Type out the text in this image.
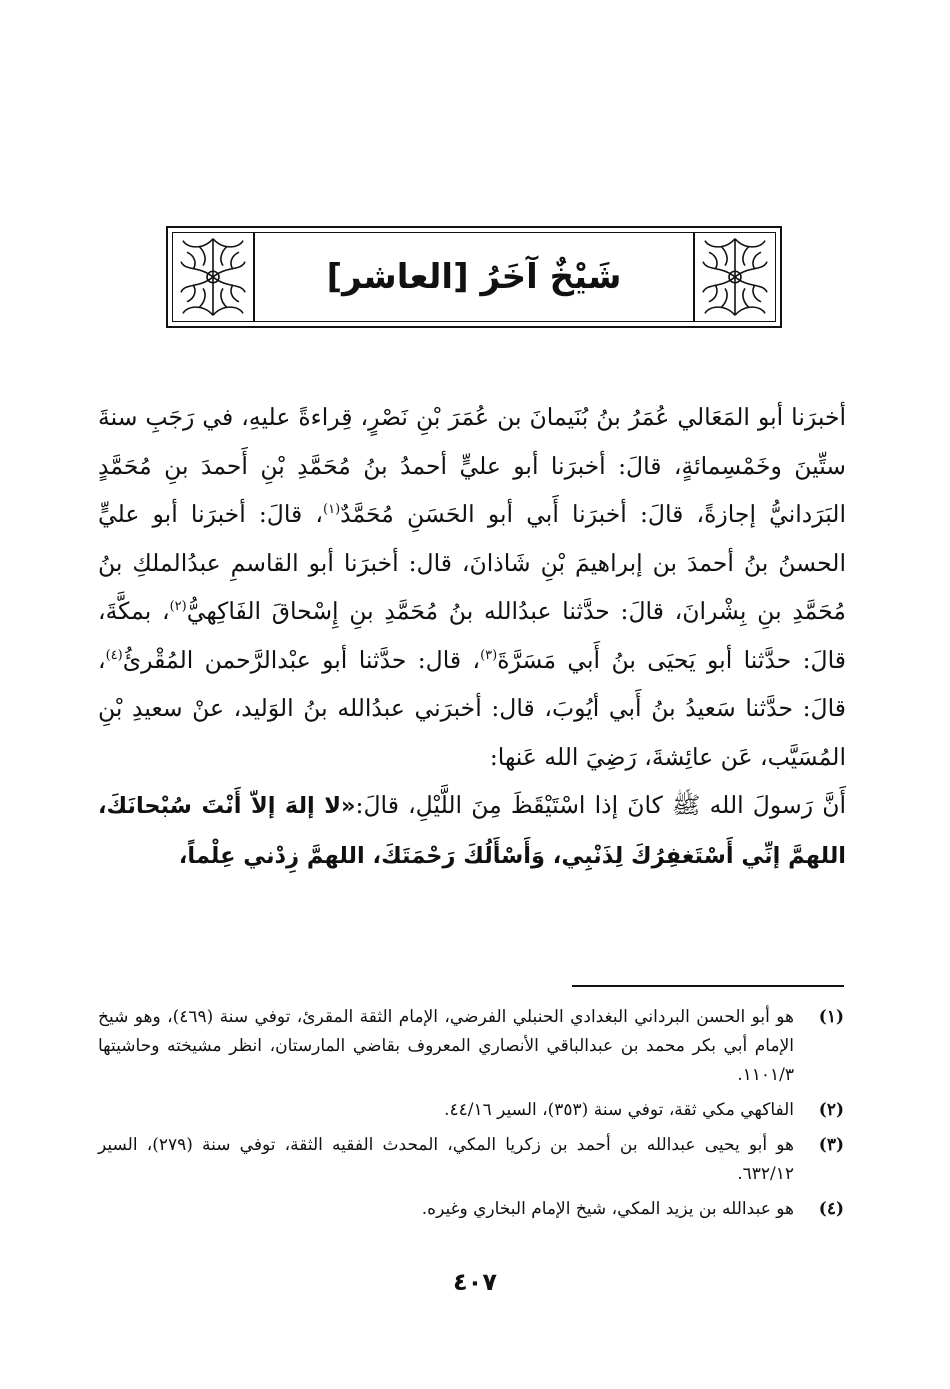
شَيْخٌ آخَرُ [العاشر]

أخبرَنا أبو المَعَالي عُمَرُ بنُ بُنَيمانَ بن عُمَرَ بْنِ نَصْرٍ، قِراءةً عليهِ، في رَجَبِ سنةَ ستِّينَ وخَمْسِمائةٍ، قالَ: أخبرَنا أبو عليٍّ أحمدُ بنُ مُحَمَّدِ بْنِ أَحمدَ بنِ مُحَمَّدٍ البَرَدانيُّ إجازةً، قالَ: أخبرَنا أَبي أبو الحَسَنِ مُحَمَّدٌ$^{(١)}$، قالَ: أخبرَنا أبو عليٍّ الحسنُ بنُ أحمدَ بن إبراهيمَ بْنِ شَاذانَ، قال: أخبرَنا أبو القاسمِ عبدُالملكِ بنُ مُحَمَّدِ بنِ بِشْرانَ، قالَ: حدَّثنا عبدُالله بنُ مُحَمَّدِ بنِ إِسْحاقَ الفَاكِهيُّ$^{(٢)}$، بمكَّةَ، قالَ: حدَّثنا أبو يَحيَى بنُ أَبي مَسَرَّةَ$^{(٣)}$، قال: حدَّثنا أبو عبْدالرَّحمن المُقْرئُ$^{(٤)}$، قالَ: حدَّثنا سَعيدُ بنُ أَبي أيُوبَ، قال: أخبرَني عبدُالله بنُ الوَليد، عنْ سعيدِ بْنِ المُسَيَّب، عَن عائِشةَ، رَضِيَ الله عَنها:

أَنَّ رَسولَ الله ﷺ كانَ إذا اسْتَيْقَظَ مِنَ اللَّيْلِ، قالَ:«لا إلهَ إلاّ أَنْتَ سُبْحانَكَ، اللهمَّ إنِّي أَسْتَغفِرُكَ لِذَنْبِي، وَأَسْأَلُكَ رَحْمَتَكَ، اللهمَّ زِدْني عِلْماً،

(١)
هو أبو الحسن البرداني البغدادي الحنبلي الفرضي، الإمام الثقة المقرئ، توفي سنة (٤٦٩)، وهو شيخ الإمام أبي بكر محمد بن عبدالباقي الأنصاري المعروف بقاضي المارستان، انظر مشيخته وحاشيتها ١١٠١/٣.
(٢)
الفاكهي مكي ثقة، توفي سنة (٣٥٣)، السير ٤٤/١٦.
(٣)
هو أبو يحيى عبدالله بن أحمد بن زكريا المكي، المحدث الفقيه الثقة، توفي سنة (٢٧٩)، السير ٦٣٢/١٢.
(٤)
هو عبدالله بن يزيد المكي، شيخ الإمام البخاري وغيره.
٤٠٧
